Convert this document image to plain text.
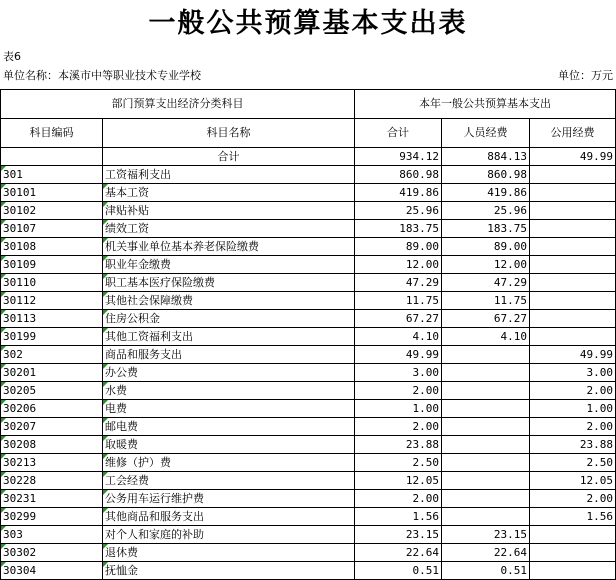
一般公共预算基本支出表
表6
单位名称：本溪市中等职业技术专业学校	单位：万元
部门预算支出经济分类科目		本年一般公共预算基本支出		
科目编码	科目名称	合计	人员经费	公用经费
	合计	934.12	884.13	49.99

301	工资福利支出	860.98	860.98	

30101	基本工资	419.86	419.86	

30102	津贴补贴	25.96	25.96	

30107	绩效工资	183.75	183.75	

30108	机关事业单位基本养老保险缴费	89.00	89.00	

30109	职业年金缴费	12.00	12.00	

30110	职工基本医疗保险缴费	47.29	47.29	

30112	其他社会保障缴费	11.75	11.75	

30113	住房公积金	67.27	67.27	

30199	其他工资福利支出	4.10	4.10	

302	商品和服务支出	49.99		49.99

30201	办公费	3.00		3.00

30205	水费	2.00		2.00

30206	电费	1.00		1.00

30207	邮电费	2.00		2.00

30208	取暖费	23.88		23.88

30213	维修（护）费	2.50		2.50

30228	工会经费	12.05		12.05

30231	公务用车运行维护费	2.00		2.00

30299	其他商品和服务支出	1.56		1.56

303	对个人和家庭的补助	23.15	23.15	

30302	退休费	22.64	22.64	

30304	抚恤金	0.51	0.51	
